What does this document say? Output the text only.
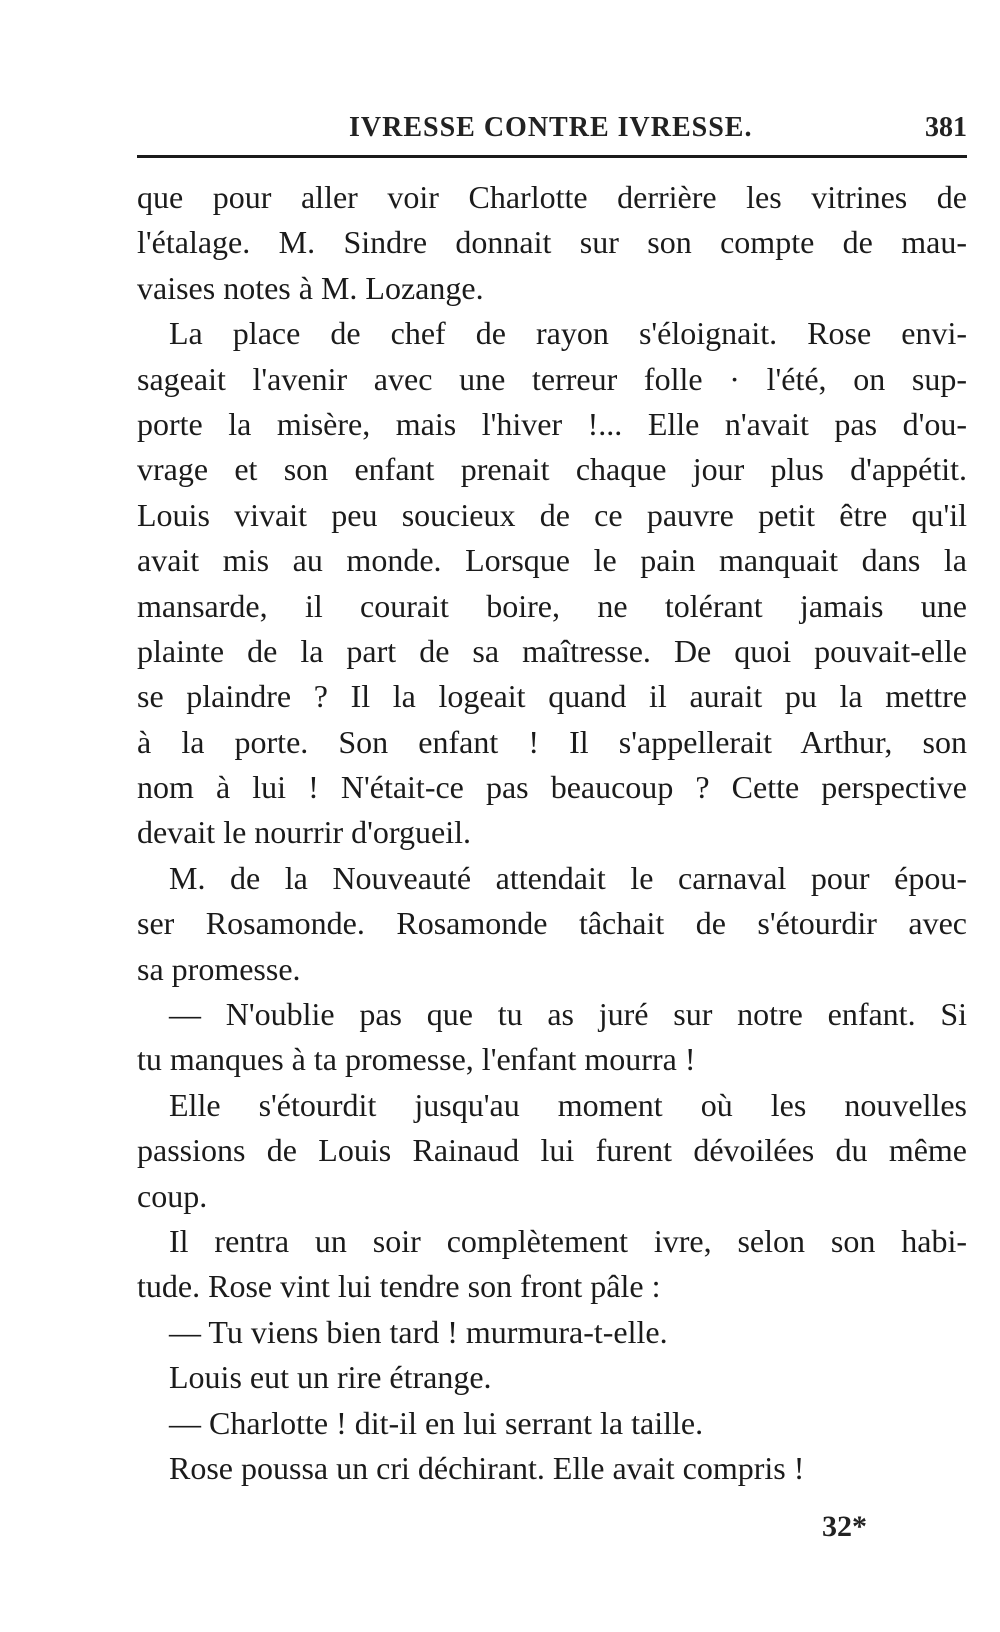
IVRESSE CONTRE IVRESSE.	381
que pour aller voir Charlotte derrière les vitrines de
l'étalage. M. Sindre donnait sur son compte de mau-
vaises notes à M. Lozange.
La place de chef de rayon s'éloignait. Rose envi-
sageait l'avenir avec une terreur folle · l'été, on sup-
porte la misère, mais l'hiver !... Elle n'avait pas d'ou-
vrage et son enfant prenait chaque jour plus d'appétit.
Louis vivait peu soucieux de ce pauvre petit être qu'il
avait mis au monde. Lorsque le pain manquait dans la
mansarde, il courait boire, ne tolérant jamais une
plainte de la part de sa maîtresse. De quoi pouvait-elle
se plaindre ? Il la logeait quand il aurait pu la mettre
à la porte. Son enfant ! Il s'appellerait Arthur, son
nom à lui ! N'était-ce pas beaucoup ? Cette perspective
devait le nourrir d'orgueil.
M. de la Nouveauté attendait le carnaval pour épou-
ser Rosamonde. Rosamonde tâchait de s'étourdir avec
sa promesse.
— N'oublie pas que tu as juré sur notre enfant. Si
tu manques à ta promesse, l'enfant mourra !
Elle s'étourdit jusqu'au moment où les nouvelles
passions de Louis Rainaud lui furent dévoilées du même
coup.
Il rentra un soir complètement ivre, selon son habi-
tude. Rose vint lui tendre son front pâle :
— Tu viens bien tard ! murmura-t-elle.
Louis eut un rire étrange.
— Charlotte ! dit-il en lui serrant la taille.
Rose poussa un cri déchirant. Elle avait compris !
32*
